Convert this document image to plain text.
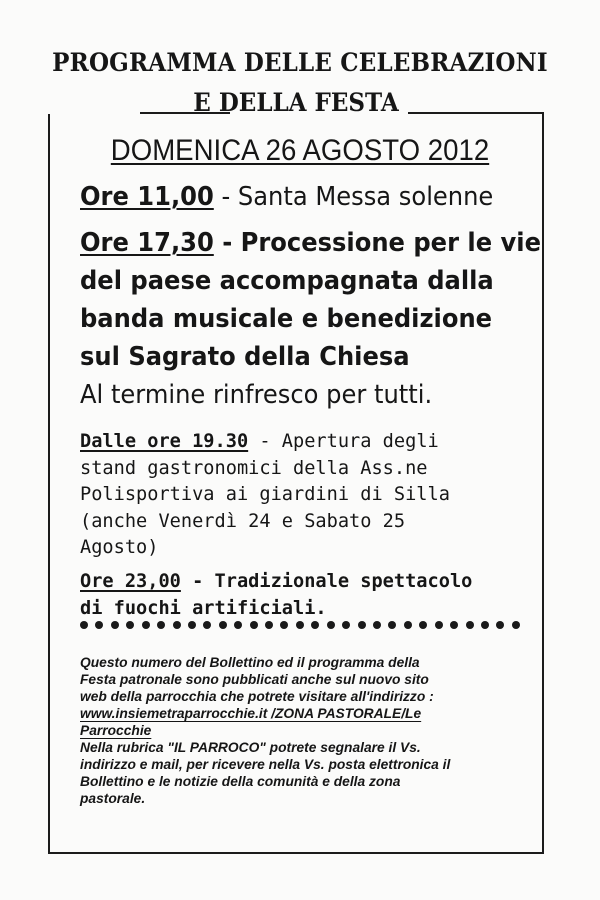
PROGRAMMA DELLE CELEBRAZIONI
E DELLA FESTA
DOMENICA 26 AGOSTO 2012
Ore 11,00 - Santa Messa solenne
Ore 17,30 - Processione per le vie
del paese accompagnata dalla
banda musicale e benedizione
sul Sagrato della Chiesa
Al termine rinfresco per tutti.
Dalle ore 19.30 - Apertura degli
stand gastronomici della Ass.ne
Polisportiva ai giardini di Silla
(anche Venerdì 24 e Sabato 25
Agosto)
Ore 23,00 - Tradizionale spettacolo
di fuochi artificiali.
Questo numero del Bollettino ed il programma della
Festa patronale sono pubblicati anche sul nuovo sito
web della parrocchia che potrete visitare all'indirizzo :
www.insiemetraparrocchie.it /ZONA PASTORALE/Le
Parrocchie
Nella rubrica "IL PARROCO" potrete segnalare il Vs.
indirizzo e mail, per ricevere nella Vs. posta elettronica il
Bollettino e le notizie della comunità e della zona
pastorale.
